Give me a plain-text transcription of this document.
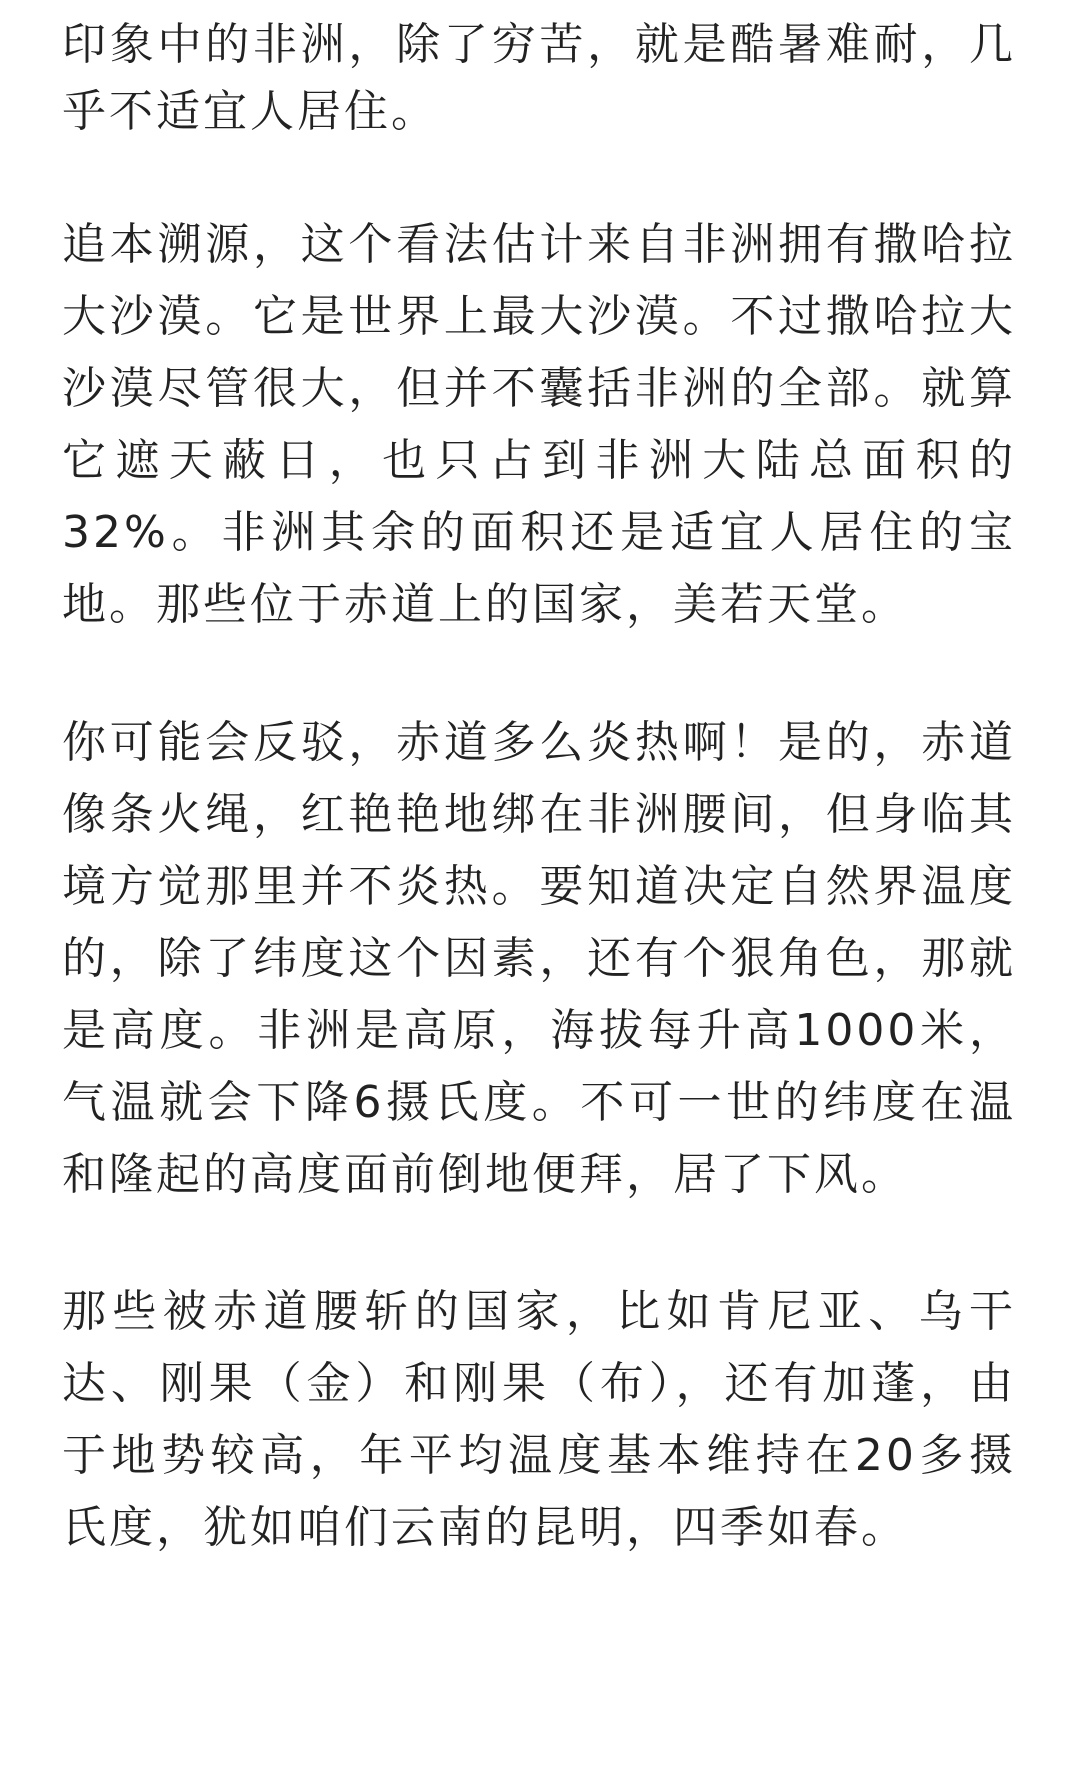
印象中的非洲，除了穷苦，就是酷暑难耐，几
乎不适宜人居住。
追本溯源，这个看法估计来自非洲拥有撒哈拉
大沙漠。它是世界上最大沙漠。不过撒哈拉大
沙漠尽管很大，但并不囊括非洲的全部。就算
它遮天蔽日，也只占到非洲大陆总面积的
32%。非洲其余的面积还是适宜人居住的宝
地。那些位于赤道上的国家，美若天堂。
你可能会反驳，赤道多么炎热啊！是的，赤道
像条火绳，红艳艳地绑在非洲腰间，但身临其
境方觉那里并不炎热。要知道决定自然界温度
的，除了纬度这个因素，还有个狠角色，那就
是高度。非洲是高原，海拔每升高1000米，
气温就会下降6摄氏度。不可一世的纬度在温
和隆起的高度面前倒地便拜，居了下风。
那些被赤道腰斩的国家，比如肯尼亚、乌干
达、刚果（金）和刚果（布），还有加蓬，由
于地势较高，年平均温度基本维持在20多摄
氏度，犹如咱们云南的昆明，四季如春。
